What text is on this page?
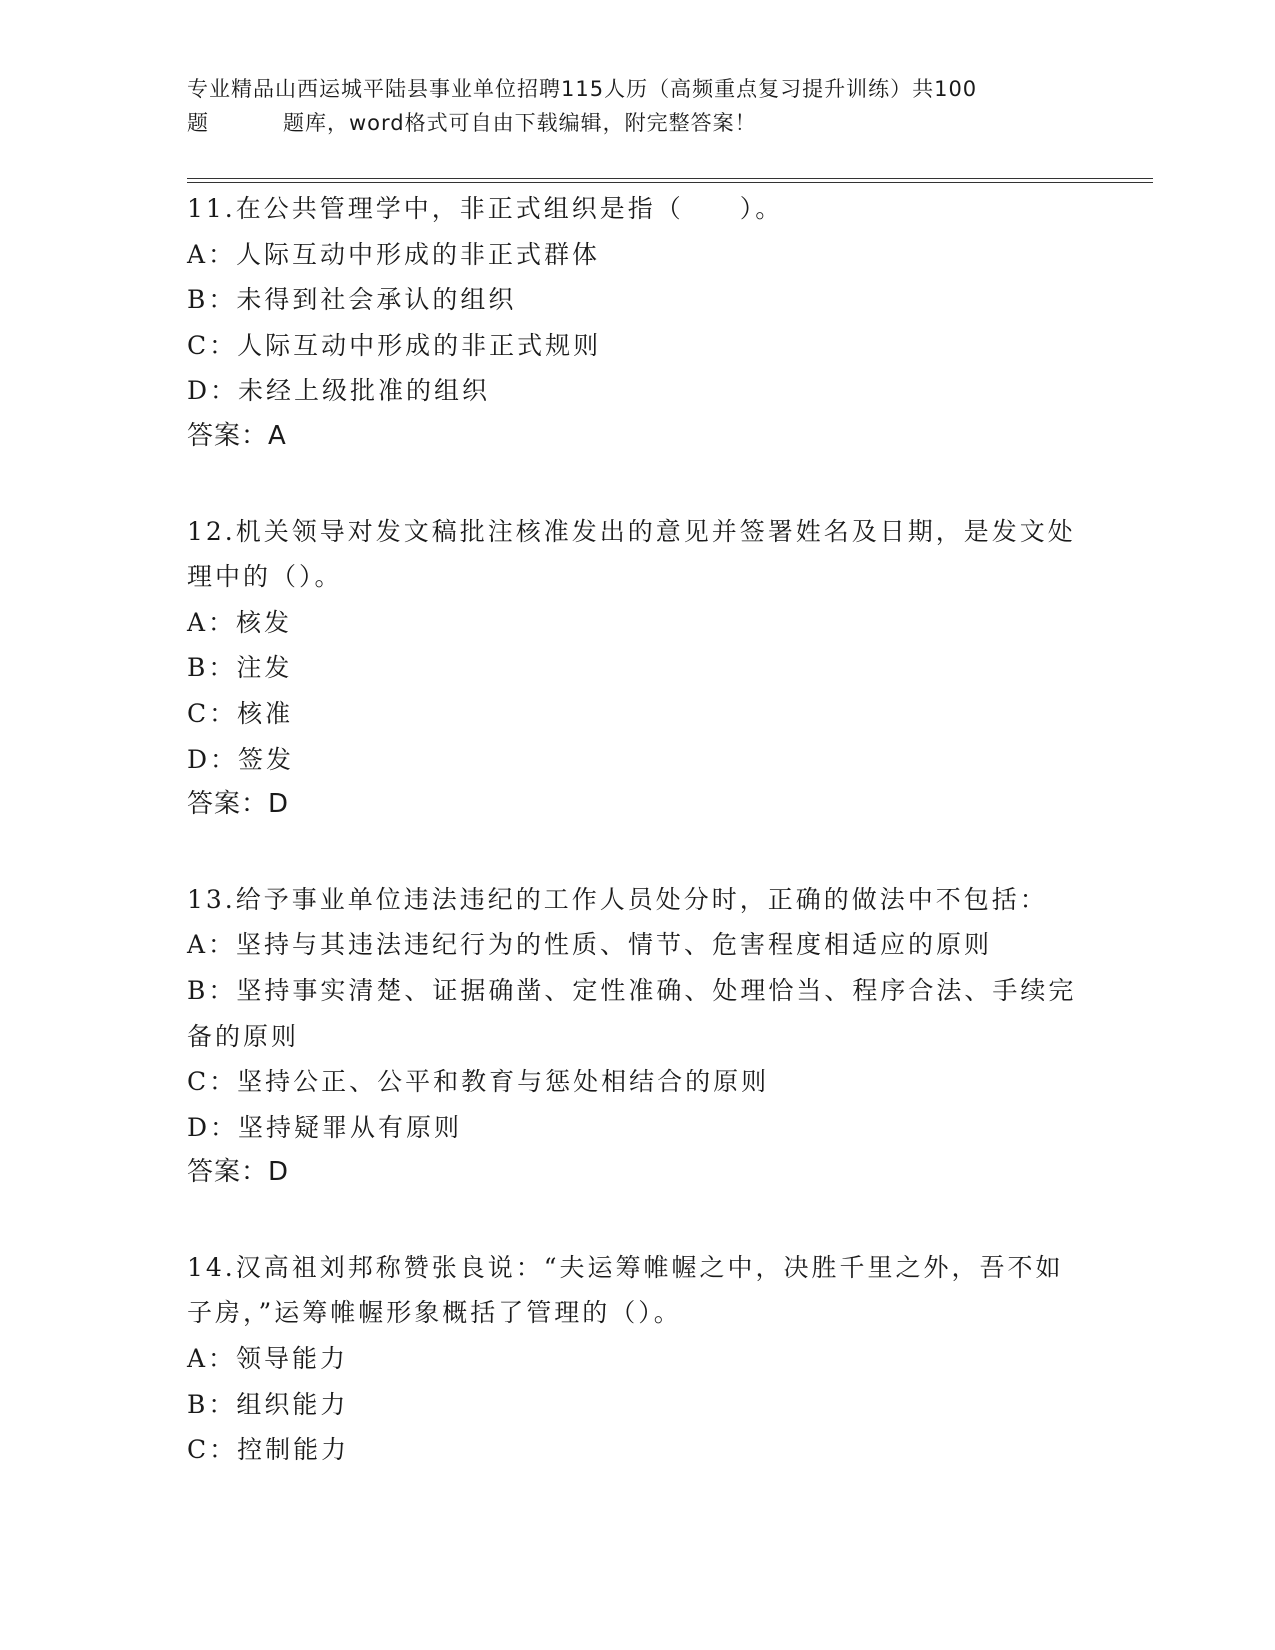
专业精品山西运城平陆县事业单位招聘115人历（高频重点复习提升训练）共100
题	题库，word格式可自由下载编辑，附完整答案！
11.在公共管理学中，非正式组织是指（　　）。
A：人际互动中形成的非正式群体
B：未得到社会承认的组织
C：人际互动中形成的非正式规则
D：未经上级批准的组织
答案：A
12.机关领导对发文稿批注核准发出的意见并签署姓名及日期，是发文处理中的（）。
A：核发
B：注发
C：核准
D：签发
答案：D
13.给予事业单位违法违纪的工作人员处分时，正确的做法中不包括：
A：坚持与其违法违纪行为的性质、情节、危害程度相适应的原则
B：坚持事实清楚、证据确凿、定性准确、处理恰当、程序合法、手续完备的原则
C：坚持公正、公平和教育与惩处相结合的原则
D：坚持疑罪从有原则
答案：D
14.汉高祖刘邦称赞张良说：“夫运筹帷幄之中，决胜千里之外，吾不如子房，”运筹帷幄形象概括了管理的（）。
A：领导能力
B：组织能力
C：控制能力
